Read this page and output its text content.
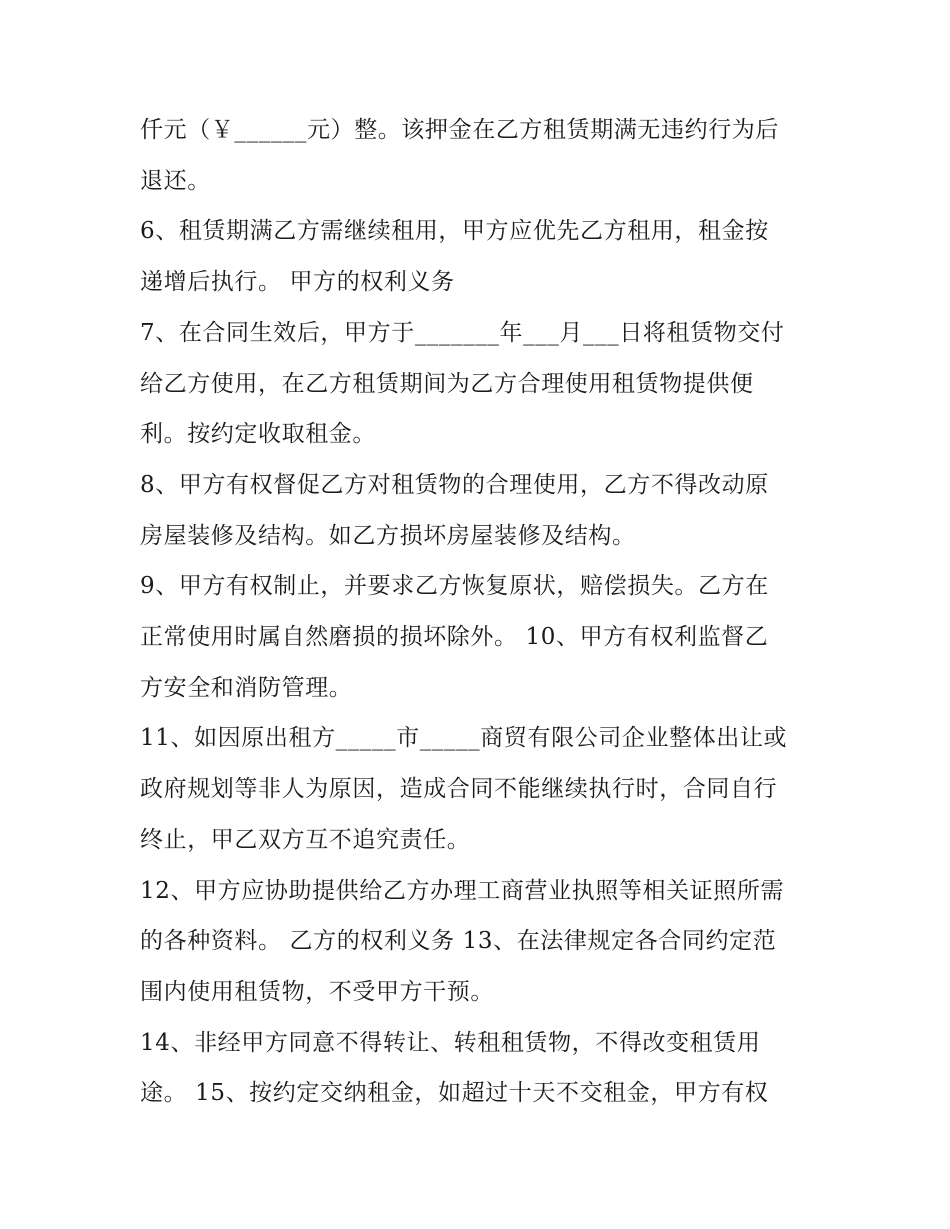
仟元（￥______元）整。该押金在乙方租赁期满无违约行为后
退还。
6、租赁期满乙方需继续租用，甲方应优先乙方租用，租金按
递增后执行。 甲方的权利义务
7、在合同生效后，甲方于_______年___月___日将租赁物交付
给乙方使用，在乙方租赁期间为乙方合理使用租赁物提供便
利。按约定收取租金。
8、甲方有权督促乙方对租赁物的合理使用，乙方不得改动原
房屋装修及结构。如乙方损坏房屋装修及结构。
9、甲方有权制止，并要求乙方恢复原状，赔偿损失。乙方在
正常使用时属自然磨损的损坏除外。 10、甲方有权利监督乙
方安全和消防管理。
11、如因原出租方_____市_____商贸有限公司企业整体出让或
政府规划等非人为原因，造成合同不能继续执行时，合同自行
终止，甲乙双方互不追究责任。
12、甲方应协助提供给乙方办理工商营业执照等相关证照所需
的各种资料。 乙方的权利义务 13、在法律规定各合同约定范
围内使用租赁物，不受甲方干预。
14、非经甲方同意不得转让、转租租赁物，不得改变租赁用
途。 15、按约定交纳租金，如超过十天不交租金，甲方有权
